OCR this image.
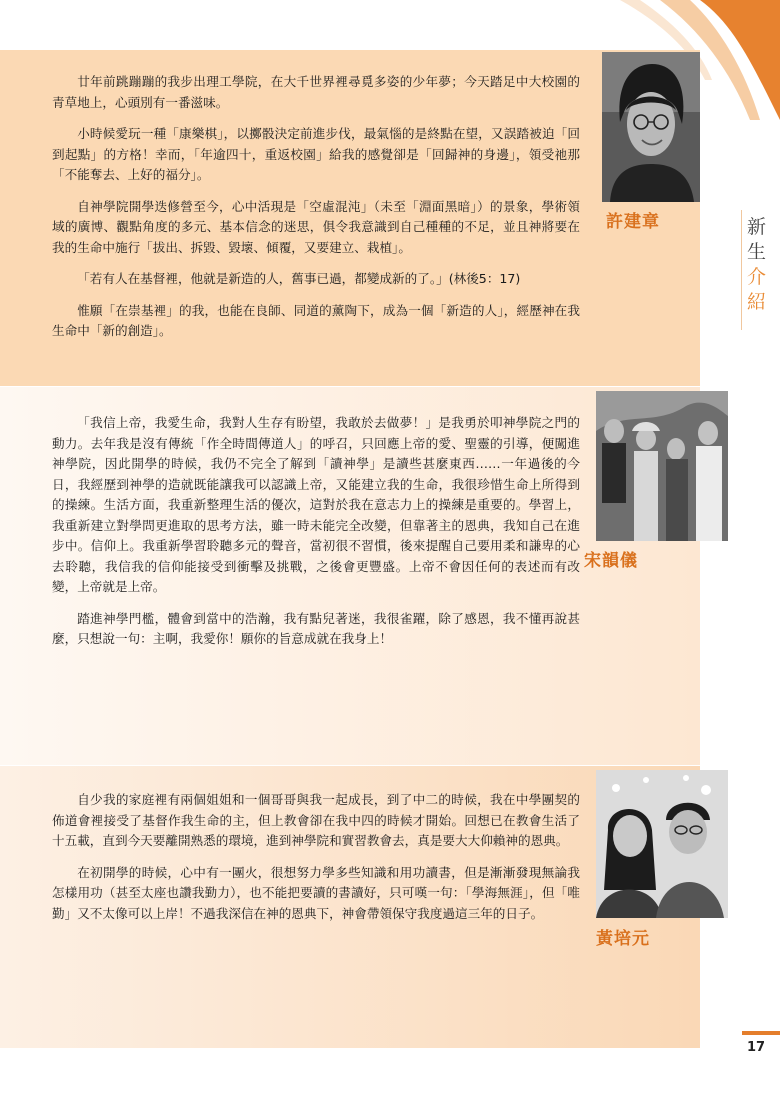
廿年前跳蹦蹦的我步出理工學院，在大千世界裡尋覓多姿的少年夢；今天踏足中大校園的青草地上，心頭別有一番滋味。

小時候愛玩一種「康樂棋」，以擲骰決定前進步伐，最氣惱的是終點在望，又誤踏被迫「回到起點」的方格！幸而，「年逾四十，重返校園」給我的感覺卻是「回歸神的身邊」，領受祂那「不能奪去、上好的福分」。

自神學院開學迭修營至今，心中活現是「空虛混沌」（未至「淵面黑暗」）的景象，學術領域的廣博、觀點角度的多元、基本信念的迷思，俱令我意識到自己種種的不足，並且神將要在我的生命中施行「拔出、拆毀、毀壞、傾覆，又要建立、栽植」。

「若有人在基督裡，他就是新造的人，舊事已過，都變成新的了。」(林後5：17)

惟願「在崇基裡」的我，也能在良師、同道的薰陶下，成為一個「新造的人」，經歷神在我生命中「新的創造」。

「我信上帝，我愛生命，我對人生存有盼望，我敢於去做夢！」是我勇於叩神學院之門的動力。去年我是沒有傳統「作全時間傳道人」的呼召，只回應上帝的愛、聖靈的引導，便闖進神學院，因此開學的時候，我仍不完全了解到「讀神學」是讀些甚麼東西……一年過後的今日，我經歷到神學的造就既能讓我可以認識上帝，又能建立我的生命，我很珍惜生命上所得到的操練。生活方面，我重新整理生活的優次，這對於我在意志力上的操練是重要的。學習上，我重新建立對學問更進取的思考方法，雖一時未能完全改變，但靠著主的恩典，我知自己在進步中。信仰上。我重新學習聆聽多元的聲音，當初很不習慣，後來提醒自己要用柔和謙卑的心去聆聽，我信我的信仰能接受到衝擊及挑戰，之後會更豐盛。上帝不會因任何的表述而有改變，上帝就是上帝。

踏進神學門檻，體會到當中的浩瀚，我有點兒著迷，我很雀躍，除了感恩，我不懂再說甚麼，只想說一句：主啊，我愛你！願你的旨意成就在我身上！

自少我的家庭裡有兩個姐姐和一個哥哥與我一起成長，到了中二的時候，我在中學團契的佈道會裡接受了基督作我生命的主，但上教會卻在我中四的時候才開始。回想已在教會生活了十五載，直到今天要離開熟悉的環境，進到神學院和實習教會去，真是要大大仰賴神的恩典。

在初開學的時候，心中有一團火，很想努力學多些知識和用功讀書，但是漸漸發現無論我怎樣用功（甚至太座也讚我勤力），也不能把要讀的書讀好，只可嘆一句：「學海無涯」，但「唯勤」又不太像可以上岸！不過我深信在神的恩典下，神會帶領保守我度過這三年的日子。

許建章
宋韻儀
黃培元
新
生
介
紹
17
